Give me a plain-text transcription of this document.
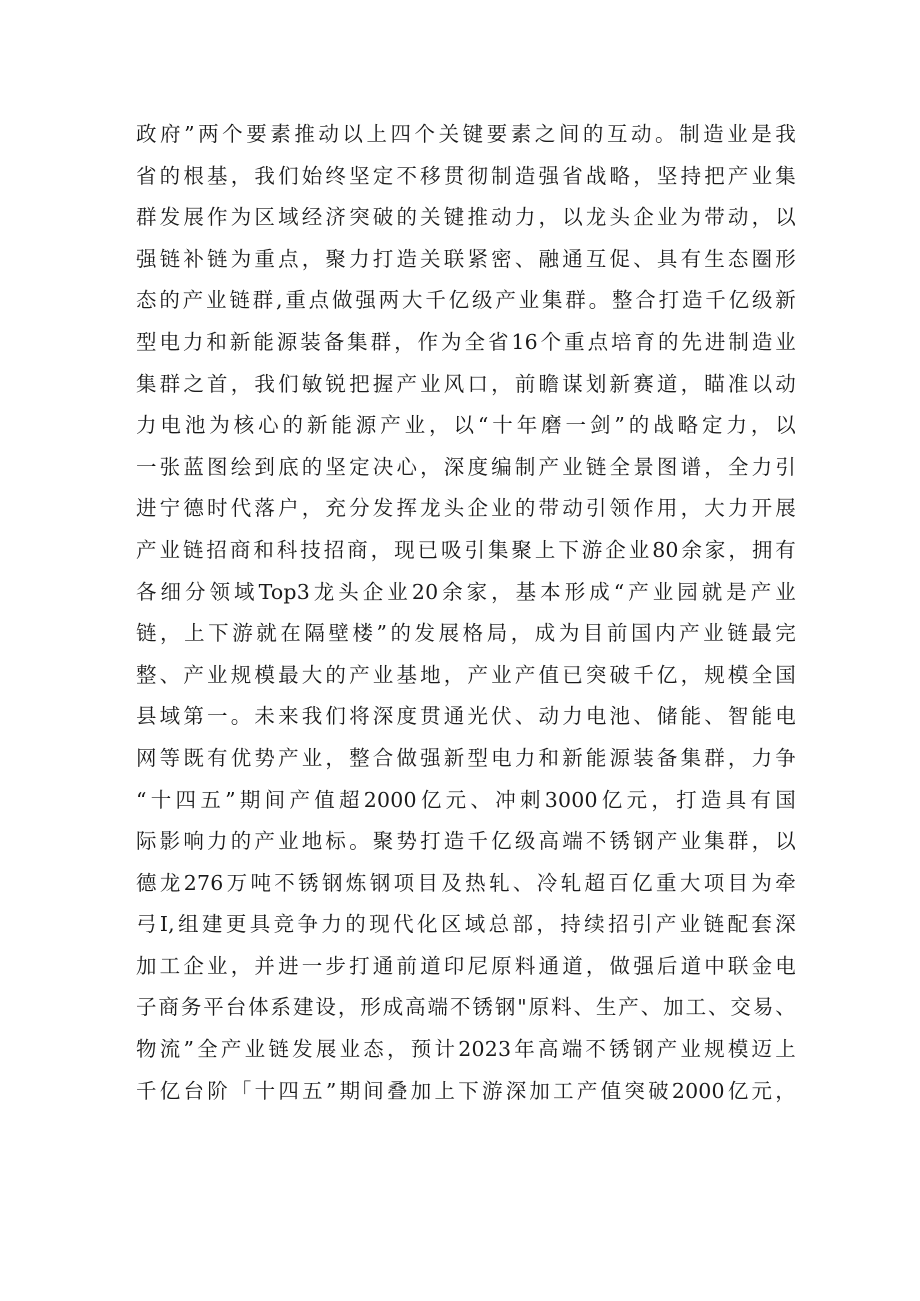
政府”两个要素推动以上四个关键要素之间的互动。制造业是我
省的根基，我们始终坚定不移贯彻制造强省战略，坚持把产业集
群发展作为区域经济突破的关键推动力，以龙头企业为带动，以
强链补链为重点，聚力打造关联紧密、融通互促、具有生态圈形
态的产业链群,重点做强两大千亿级产业集群。整合打造千亿级新
型电力和新能源装备集群，作为全省16个重点培育的先进制造业
集群之首，我们敏锐把握产业风口，前瞻谋划新赛道，瞄准以动
力电池为核心的新能源产业，以“十年磨一剑”的战略定力，以
一张蓝图绘到底的坚定决心，深度编制产业链全景图谱，全力引
进宁德时代落户，充分发挥龙头企业的带动引领作用，大力开展
产业链招商和科技招商，现已吸引集聚上下游企业80余家，拥有
各细分领域Top3龙头企业20余家，基本形成“产业园就是产业
链，上下游就在隔壁楼”的发展格局，成为目前国内产业链最完
整、产业规模最大的产业基地，产业产值已突破千亿，规模全国
县域第一。未来我们将深度贯通光伏、动力电池、储能、智能电
网等既有优势产业，整合做强新型电力和新能源装备集群，力争
“十四五”期间产值超2000亿元、冲刺3000亿元，打造具有国
际影响力的产业地标。聚势打造千亿级高端不锈钢产业集群，以
德龙276万吨不锈钢炼钢项目及热轧、冷轧超百亿重大项目为牵
弓I,组建更具竞争力的现代化区域总部，持续招引产业链配套深
加工企业，并进一步打通前道印尼原料通道，做强后道中联金电
子商务平台体系建设，形成高端不锈钢"原料、生产、加工、交易、
物流”全产业链发展业态，预计2023年高端不锈钢产业规模迈上
千亿台阶「十四五”期间叠加上下游深加工产值突破2000亿元，
